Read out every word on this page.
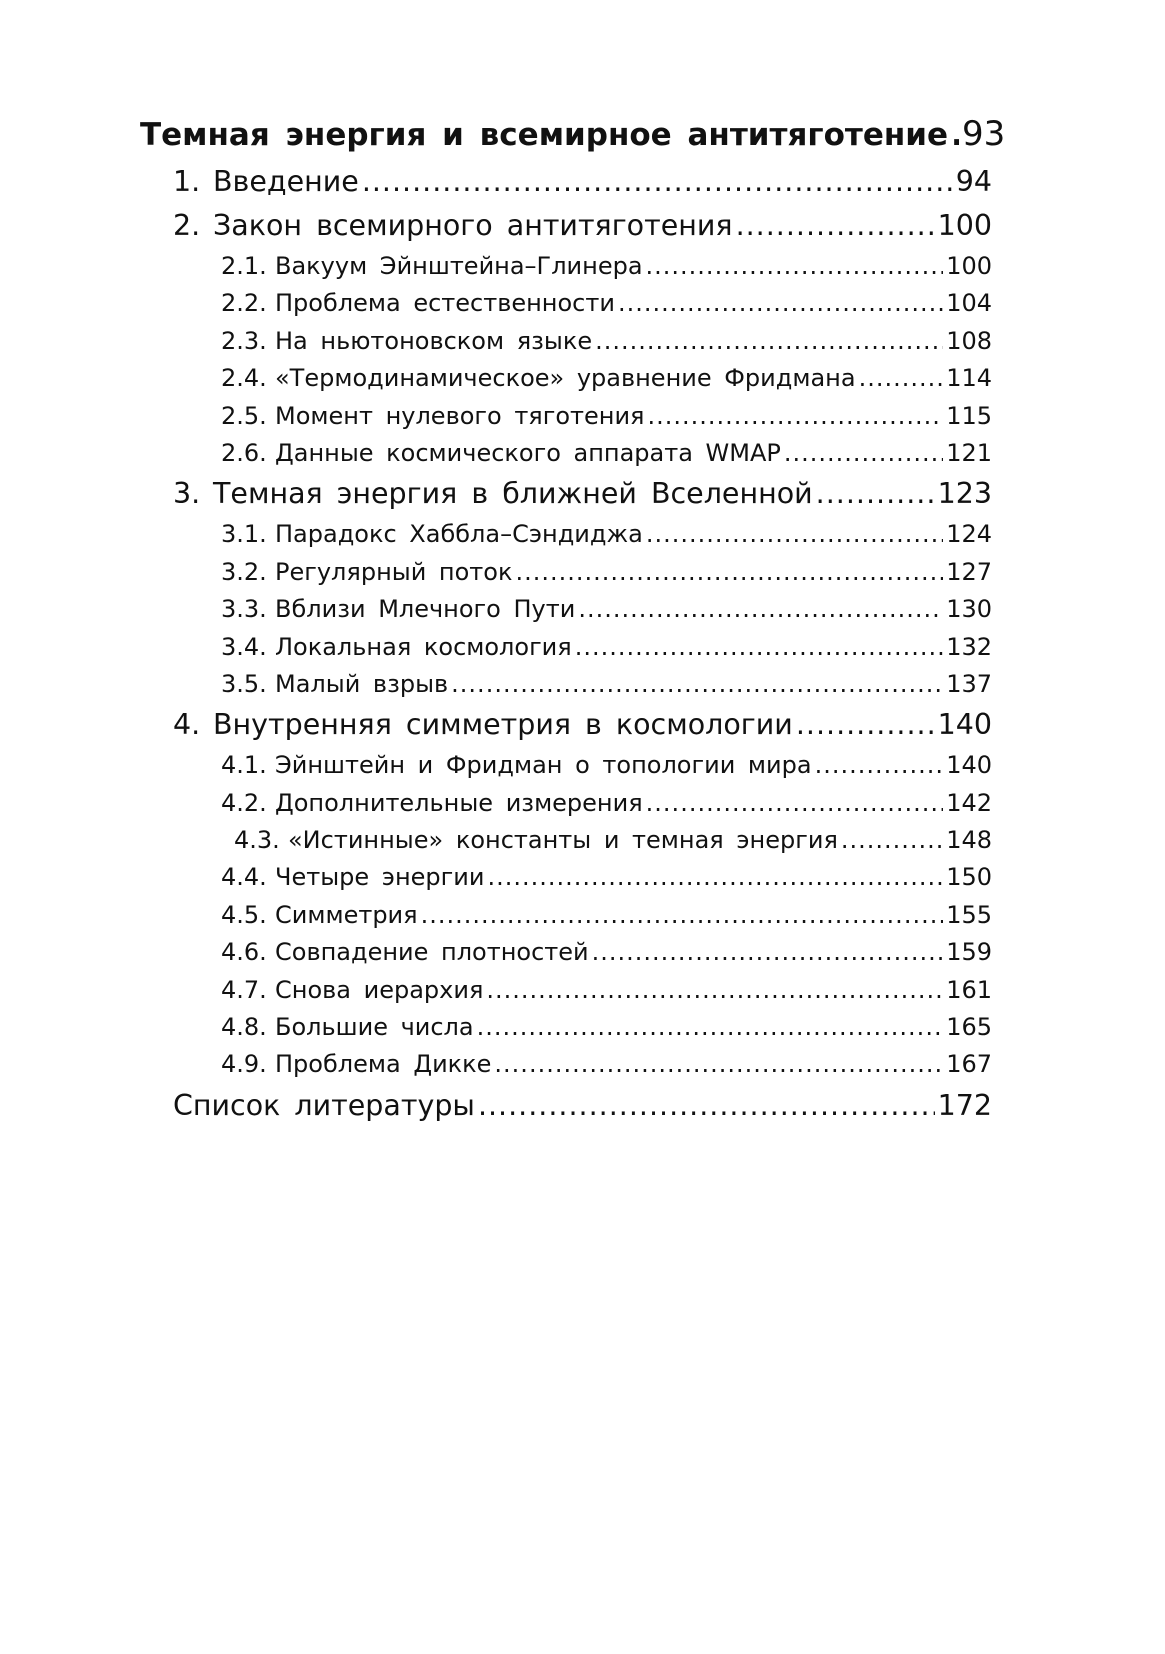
Темная энергия и всемирное антитяготение ..... 93
1. Введение .....	94
2. Закон всемирного антитяготения .....	100
2.1. Вакуум Эйнштейна–Глинера .....	100
2.2. Проблема естественности .....	104
2.3. На ньютоновском языке .....	108
2.4. «Термодинамическое» уравнение Фридмана .....	114
2.5. Момент нулевого тяготения .....	115
2.6. Данные космического аппарата WMAP .....	121
3. Темная энергия в ближней Вселенной .....	123
3.1. Парадокс Хаббла–Сэндиджа .....	124
3.2. Регулярный поток .....	127
3.3. Вблизи Млечного Пути .....	130
3.4. Локальная космология .....	132
3.5. Малый взрыв .....	137
4. Внутренняя симметрия в космологии .....	140
4.1. Эйнштейн и Фридман о топологии мира .....	140
4.2. Дополнительные измерения .....	142
4.3. «Истинные» константы и темная энергия .....	148
4.4. Четыре энергии .....	150
4.5. Симметрия .....	155
4.6. Совпадение плотностей .....	159
4.7. Снова иерархия .....	161
4.8. Большие числа .....	165
4.9. Проблема Дикке .....	167
Список литературы .....	172
